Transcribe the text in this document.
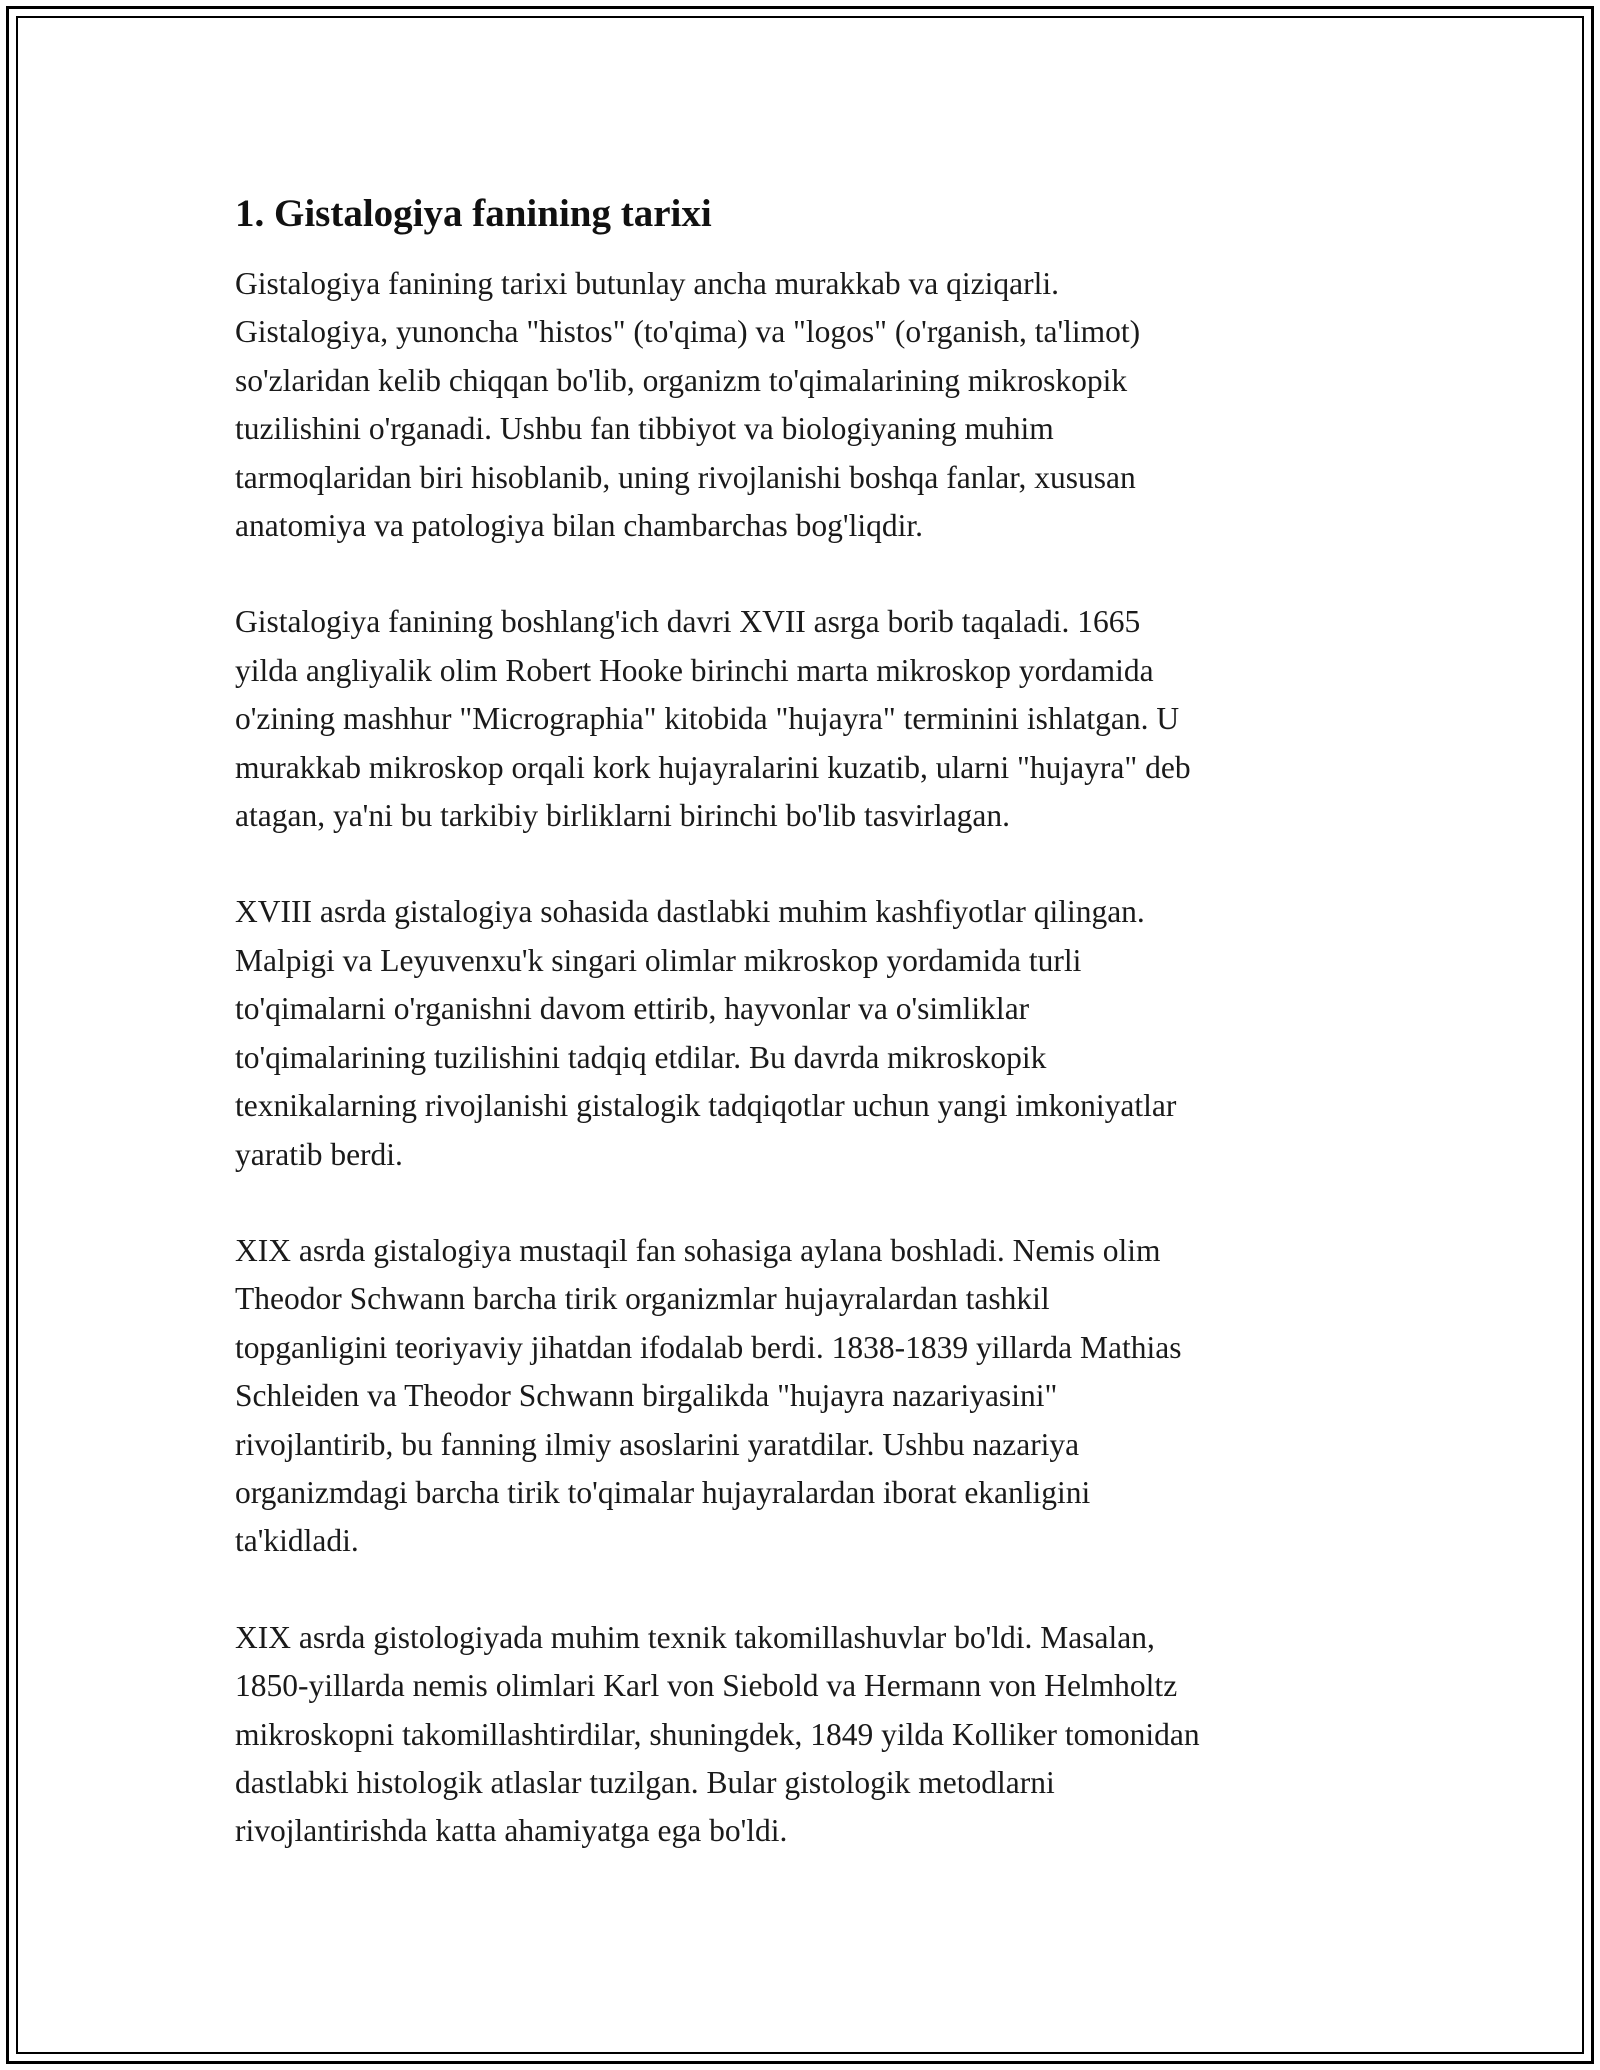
1. Gistalogiya fanining tarixi

Gistalogiya fanining tarixi butunlay ancha murakkab va qiziqarli.
Gistalogiya, yunoncha "histos" (to'qima) va "logos" (o'rganish, ta'limot)
so'zlaridan kelib chiqqan bo'lib, organizm to'qimalarining mikroskopik
tuzilishini o'rganadi. Ushbu fan tibbiyot va biologiyaning muhim
tarmoqlaridan biri hisoblanib, uning rivojlanishi boshqa fanlar, xususan
anatomiya va patologiya bilan chambarchas bog'liqdir.

Gistalogiya fanining boshlang'ich davri XVII asrga borib taqaladi. 1665
yilda angliyalik olim Robert Hooke birinchi marta mikroskop yordamida
o'zining mashhur "Micrographia" kitobida "hujayra" terminini ishlatgan. U
murakkab mikroskop orqali kork hujayralarini kuzatib, ularni "hujayra" deb
atagan, ya'ni bu tarkibiy birliklarni birinchi bo'lib tasvirlagan.

XVIII asrda gistalogiya sohasida dastlabki muhim kashfiyotlar qilingan.
Malpigi va Leyuvenxu'k singari olimlar mikroskop yordamida turli
to'qimalarni o'rganishni davom ettirib, hayvonlar va o'simliklar
to'qimalarining tuzilishini tadqiq etdilar. Bu davrda mikroskopik
texnikalarning rivojlanishi gistalogik tadqiqotlar uchun yangi imkoniyatlar
yaratib berdi.

XIX asrda gistalogiya mustaqil fan sohasiga aylana boshladi. Nemis olim
Theodor Schwann barcha tirik organizmlar hujayralardan tashkil
topganligini teoriyaviy jihatdan ifodalab berdi. 1838-1839 yillarda Mathias
Schleiden va Theodor Schwann birgalikda "hujayra nazariyasini"
rivojlantirib, bu fanning ilmiy asoslarini yaratdilar. Ushbu nazariya
organizmdagi barcha tirik to'qimalar hujayralardan iborat ekanligini
ta'kidladi.

XIX asrda gistologiyada muhim texnik takomillashuvlar bo'ldi. Masalan,
1850-yillarda nemis olimlari Karl von Siebold va Hermann von Helmholtz
mikroskopni takomillashtirdilar, shuningdek, 1849 yilda Kolliker tomonidan
dastlabki histologik atlaslar tuzilgan. Bular gistologik metodlarni
rivojlantirishda katta ahamiyatga ega bo'ldi.
